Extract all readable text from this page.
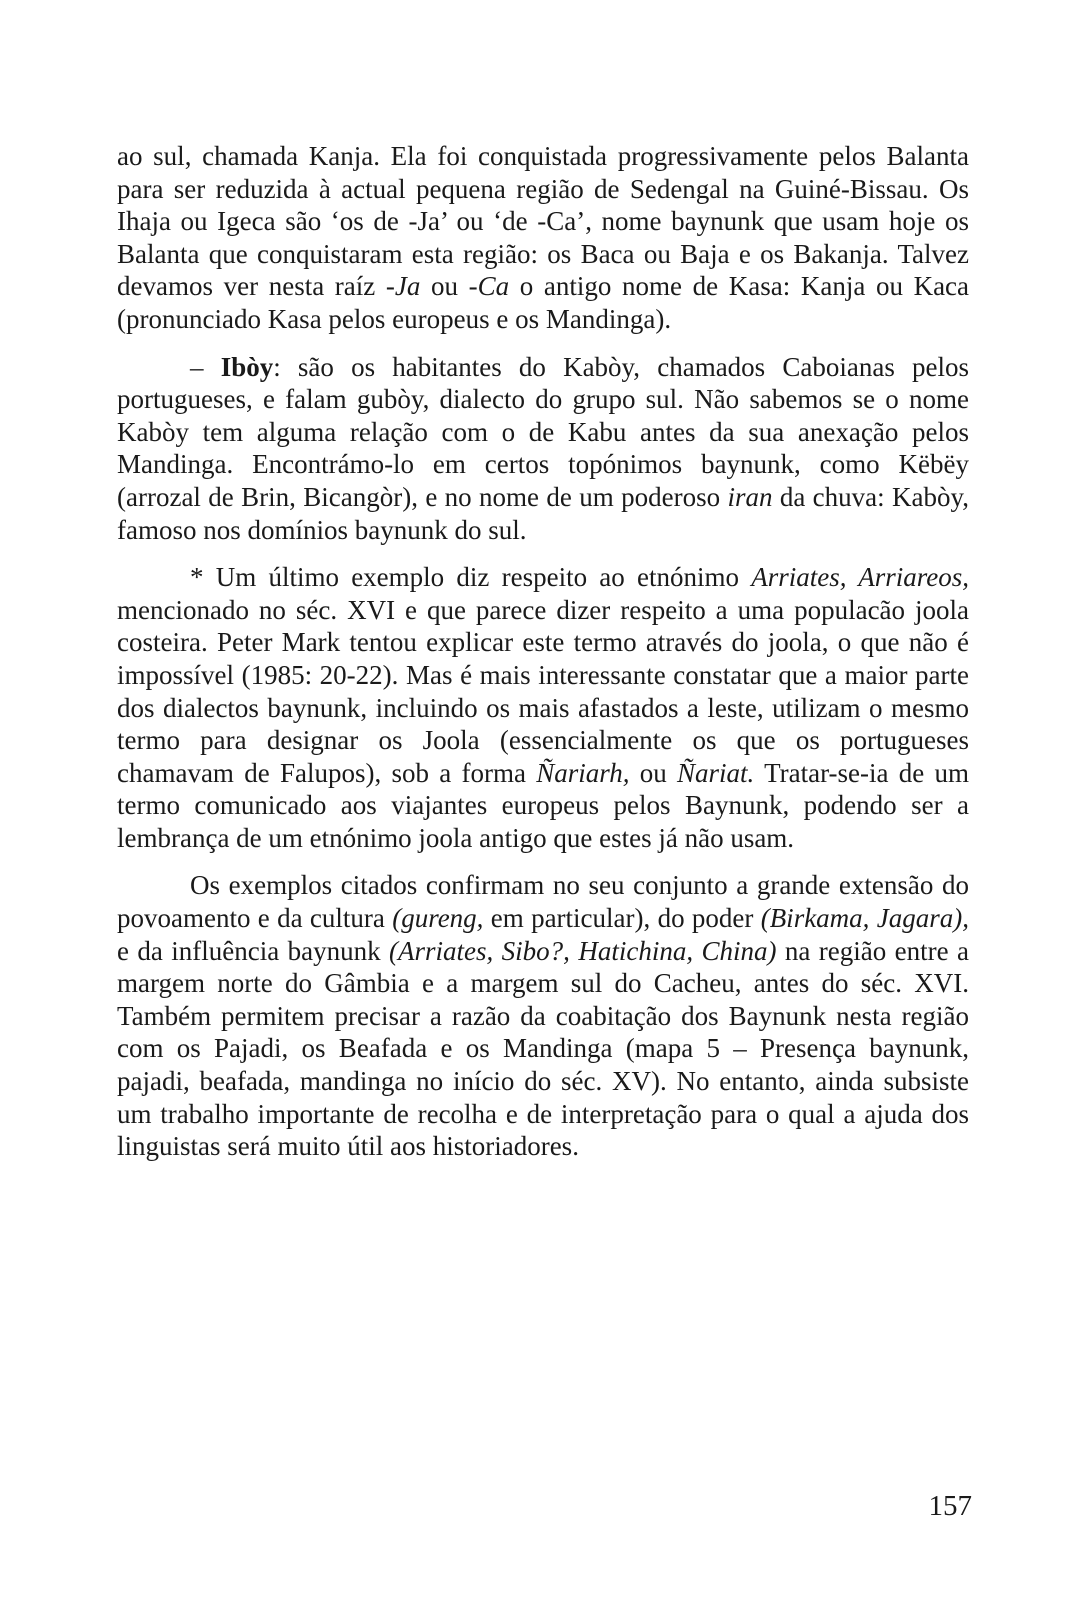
ao sul, chamada Kanja. Ela foi conquistada progressivamente pelos Balanta para ser reduzida à actual pequena região de Sedengal na Guiné-Bissau. Os Ihaja ou Igeca são ‘os de -Ja’ ou ‘de -Ca’, nome baynunk que usam hoje os Balanta que conquistaram esta região: os Baca ou Baja e os Bakanja. Talvez devamos ver nesta raíz -Ja ou -Ca o antigo nome de Kasa: Kanja ou Kaca (pronunciado Kasa pelos europeus e os Mandinga).

– Ibòy: são os habitantes do Kabòy, chamados Caboianas pelos portugueses, e falam gubòy, dialecto do grupo sul. Não sabemos se o nome Kabòy tem alguma relação com o de Kabu antes da sua anexação pelos Mandinga. Encontrámo-lo em certos topónimos baynunk, como Këbëy (arrozal de Brin, Bicangòr), e no nome de um poderoso iran da chuva: Kabòy, famoso nos domínios baynunk do sul.

* Um último exemplo diz respeito ao etnónimo Arriates, Arriareos, mencionado no séc. XVI e que parece dizer respeito a uma populacão joola costeira. Peter Mark tentou explicar este termo através do joola, o que não é impossível (1985: 20-22). Mas é mais interessante constatar que a maior parte dos dialectos baynunk, incluindo os mais afastados a leste, utilizam o mesmo termo para designar os Joola (essencialmente os que os portugueses chamavam de Falupos), sob a forma Ñariarh, ou Ñariat. Tratar-se-ia de um termo comunicado aos viajantes europeus pelos Baynunk, podendo ser a lembrança de um etnónimo joola antigo que estes já não usam.

Os exemplos citados confirmam no seu conjunto a grande extensão do povoamento e da cultura (gureng, em particular), do poder (Birkama, Jagara), e da influência baynunk (Arriates, Sibo?, Hatichina, China) na região entre a margem norte do Gâmbia e a margem sul do Cacheu, antes do séc. XVI. Também permitem precisar a razão da coabitação dos Baynunk nesta região com os Pajadi, os Beafada e os Mandinga (mapa 5 – Presença baynunk, pajadi, beafada, mandinga no início do séc. XV). No entanto, ainda subsiste um trabalho importante de recolha e de interpretação para o qual a ajuda dos linguistas será muito útil aos historiadores.

157
